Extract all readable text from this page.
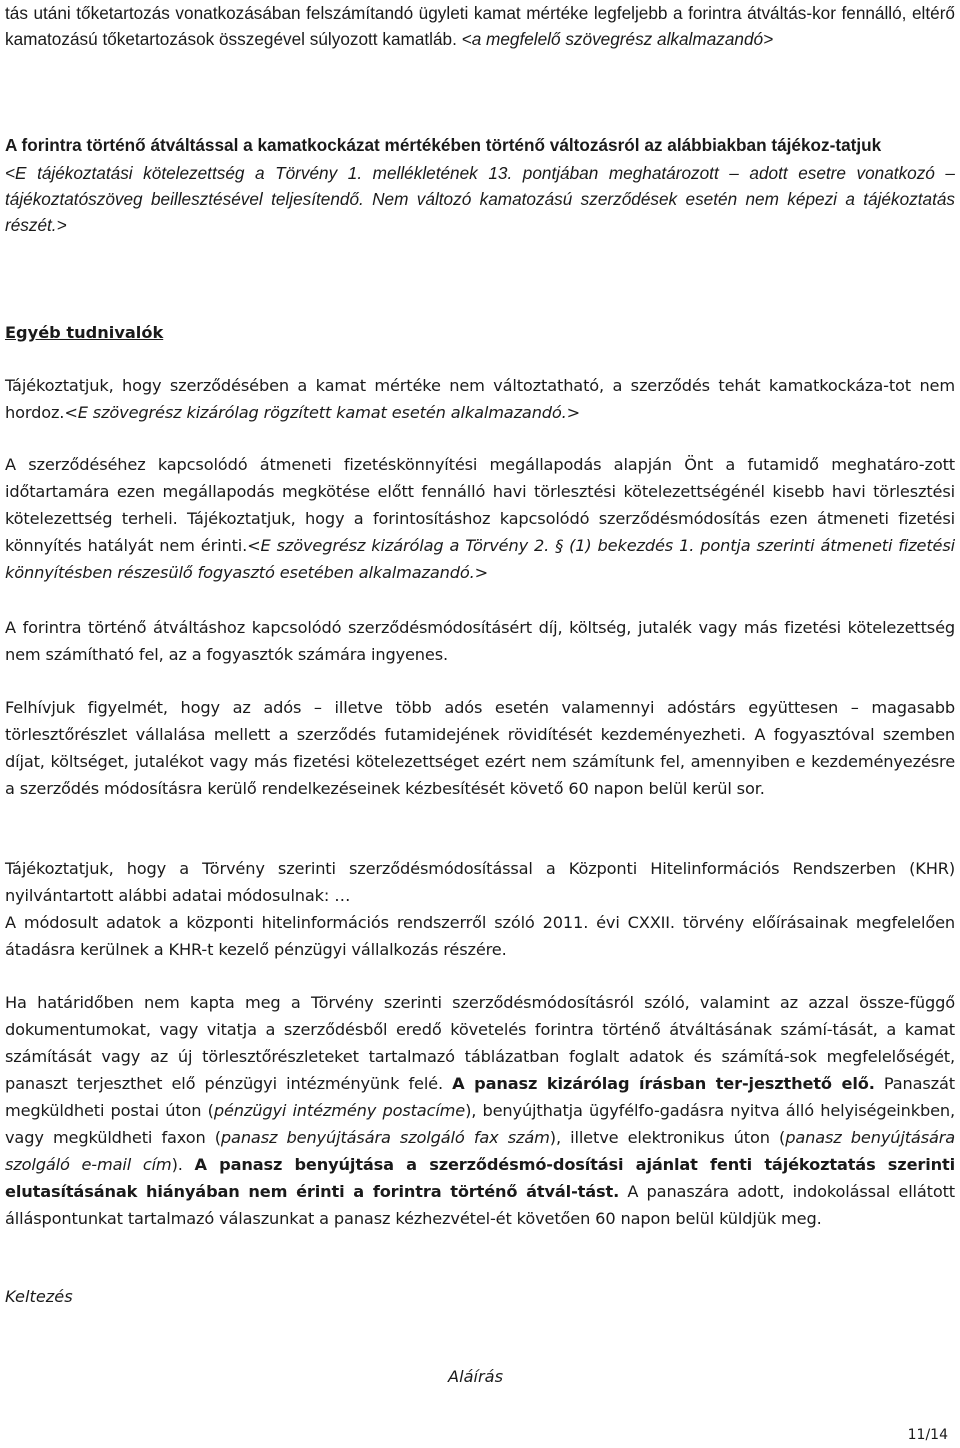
tás utáni tőketartozás vonatkozásában felszámítandó ügyleti kamat mértéke legfeljebb a forintra átváltás-kor fennálló, eltérő kamatozású tőketartozások összegével súlyozott kamatláb. <a megfelelő szövegrész alkalmazandó>

A forintra történő átváltással a kamatkockázat mértékében történő változásról az alábbiakban tájékoz-tatjuk

<E tájékoztatási kötelezettség a Törvény 1. mellékletének 13. pontjában meghatározott – adott esetre vonatkozó – tájékoztatószöveg beillesztésével teljesítendő. Nem változó kamatozású szerződések esetén nem képezi a tájékoztatás részét.>

Egyéb tudnivalók

Tájékoztatjuk, hogy szerződésében a kamat mértéke nem változtatható, a szerződés tehát kamatkockáza-tot nem hordoz.<E szövegrész kizárólag rögzített kamat esetén alkalmazandó.>

A szerződéséhez kapcsolódó átmeneti fizetéskönnyítési megállapodás alapján Önt a futamidő meghatáro-zott időtartamára ezen megállapodás megkötése előtt fennálló havi törlesztési kötelezettségénél kisebb havi törlesztési kötelezettség terheli. Tájékoztatjuk, hogy a forintosításhoz kapcsolódó szerződésmódosítás ezen átmeneti fizetési könnyítés hatályát nem érinti.<E szövegrész kizárólag a Törvény 2. § (1) bekezdés 1. pontja szerinti átmeneti fizetési könnyítésben részesülő fogyasztó esetében alkalmazandó.>

A forintra történő átváltáshoz kapcsolódó szerződésmódosításért díj, költség, jutalék vagy más fizetési kötelezettség nem számítható fel, az a fogyasztók számára ingyenes.

Felhívjuk figyelmét, hogy az adós – illetve több adós esetén valamennyi adóstárs együttesen – magasabb törlesztőrészlet vállalása mellett a szerződés futamidejének rövidítését kezdeményezheti. A fogyasztóval szemben díjat, költséget, jutalékot vagy más fizetési kötelezettséget ezért nem számítunk fel, amennyiben e kezdeményezésre a szerződés módosításra kerülő rendelkezéseinek kézbesítését követő 60 napon belül kerül sor.

Tájékoztatjuk, hogy a Törvény szerinti szerződésmódosítással a Központi Hitelinformációs Rendszerben (KHR) nyilvántartott alábbi adatai módosulnak: …

A módosult adatok a központi hitelinformációs rendszerről szóló 2011. évi CXXII. törvény előírásainak megfelelően átadásra kerülnek a KHR-t kezelő pénzügyi vállalkozás részére.

Ha határidőben nem kapta meg a Törvény szerinti szerződésmódosításról szóló, valamint az azzal össze-függő dokumentumokat, vagy vitatja a szerződésből eredő követelés forintra történő átváltásának számí-tását, a kamat számítását vagy az új törlesztőrészleteket tartalmazó táblázatban foglalt adatok és számítá-sok megfelelőségét, panaszt terjeszthet elő pénzügyi intézményünk felé. A panasz kizárólag írásban ter-jeszthető elő. Panaszát megküldheti postai úton (pénzügyi intézmény postacíme), benyújthatja ügyfélfo-gadásra nyitva álló helyiségeinkben, vagy megküldheti faxon (panasz benyújtására szolgáló fax szám), illetve elektronikus úton (panasz benyújtására szolgáló e-mail cím). A panasz benyújtása a szerződésmó-dosítási ajánlat fenti tájékoztatás szerinti elutasításának hiányában nem érinti a forintra történő átvál-tást. A panaszára adott, indokolással ellátott álláspontunkat tartalmazó válaszunkat a panasz kézhezvétel-ét követően 60 napon belül küldjük meg.

Keltezés
Aláírás
11/14
